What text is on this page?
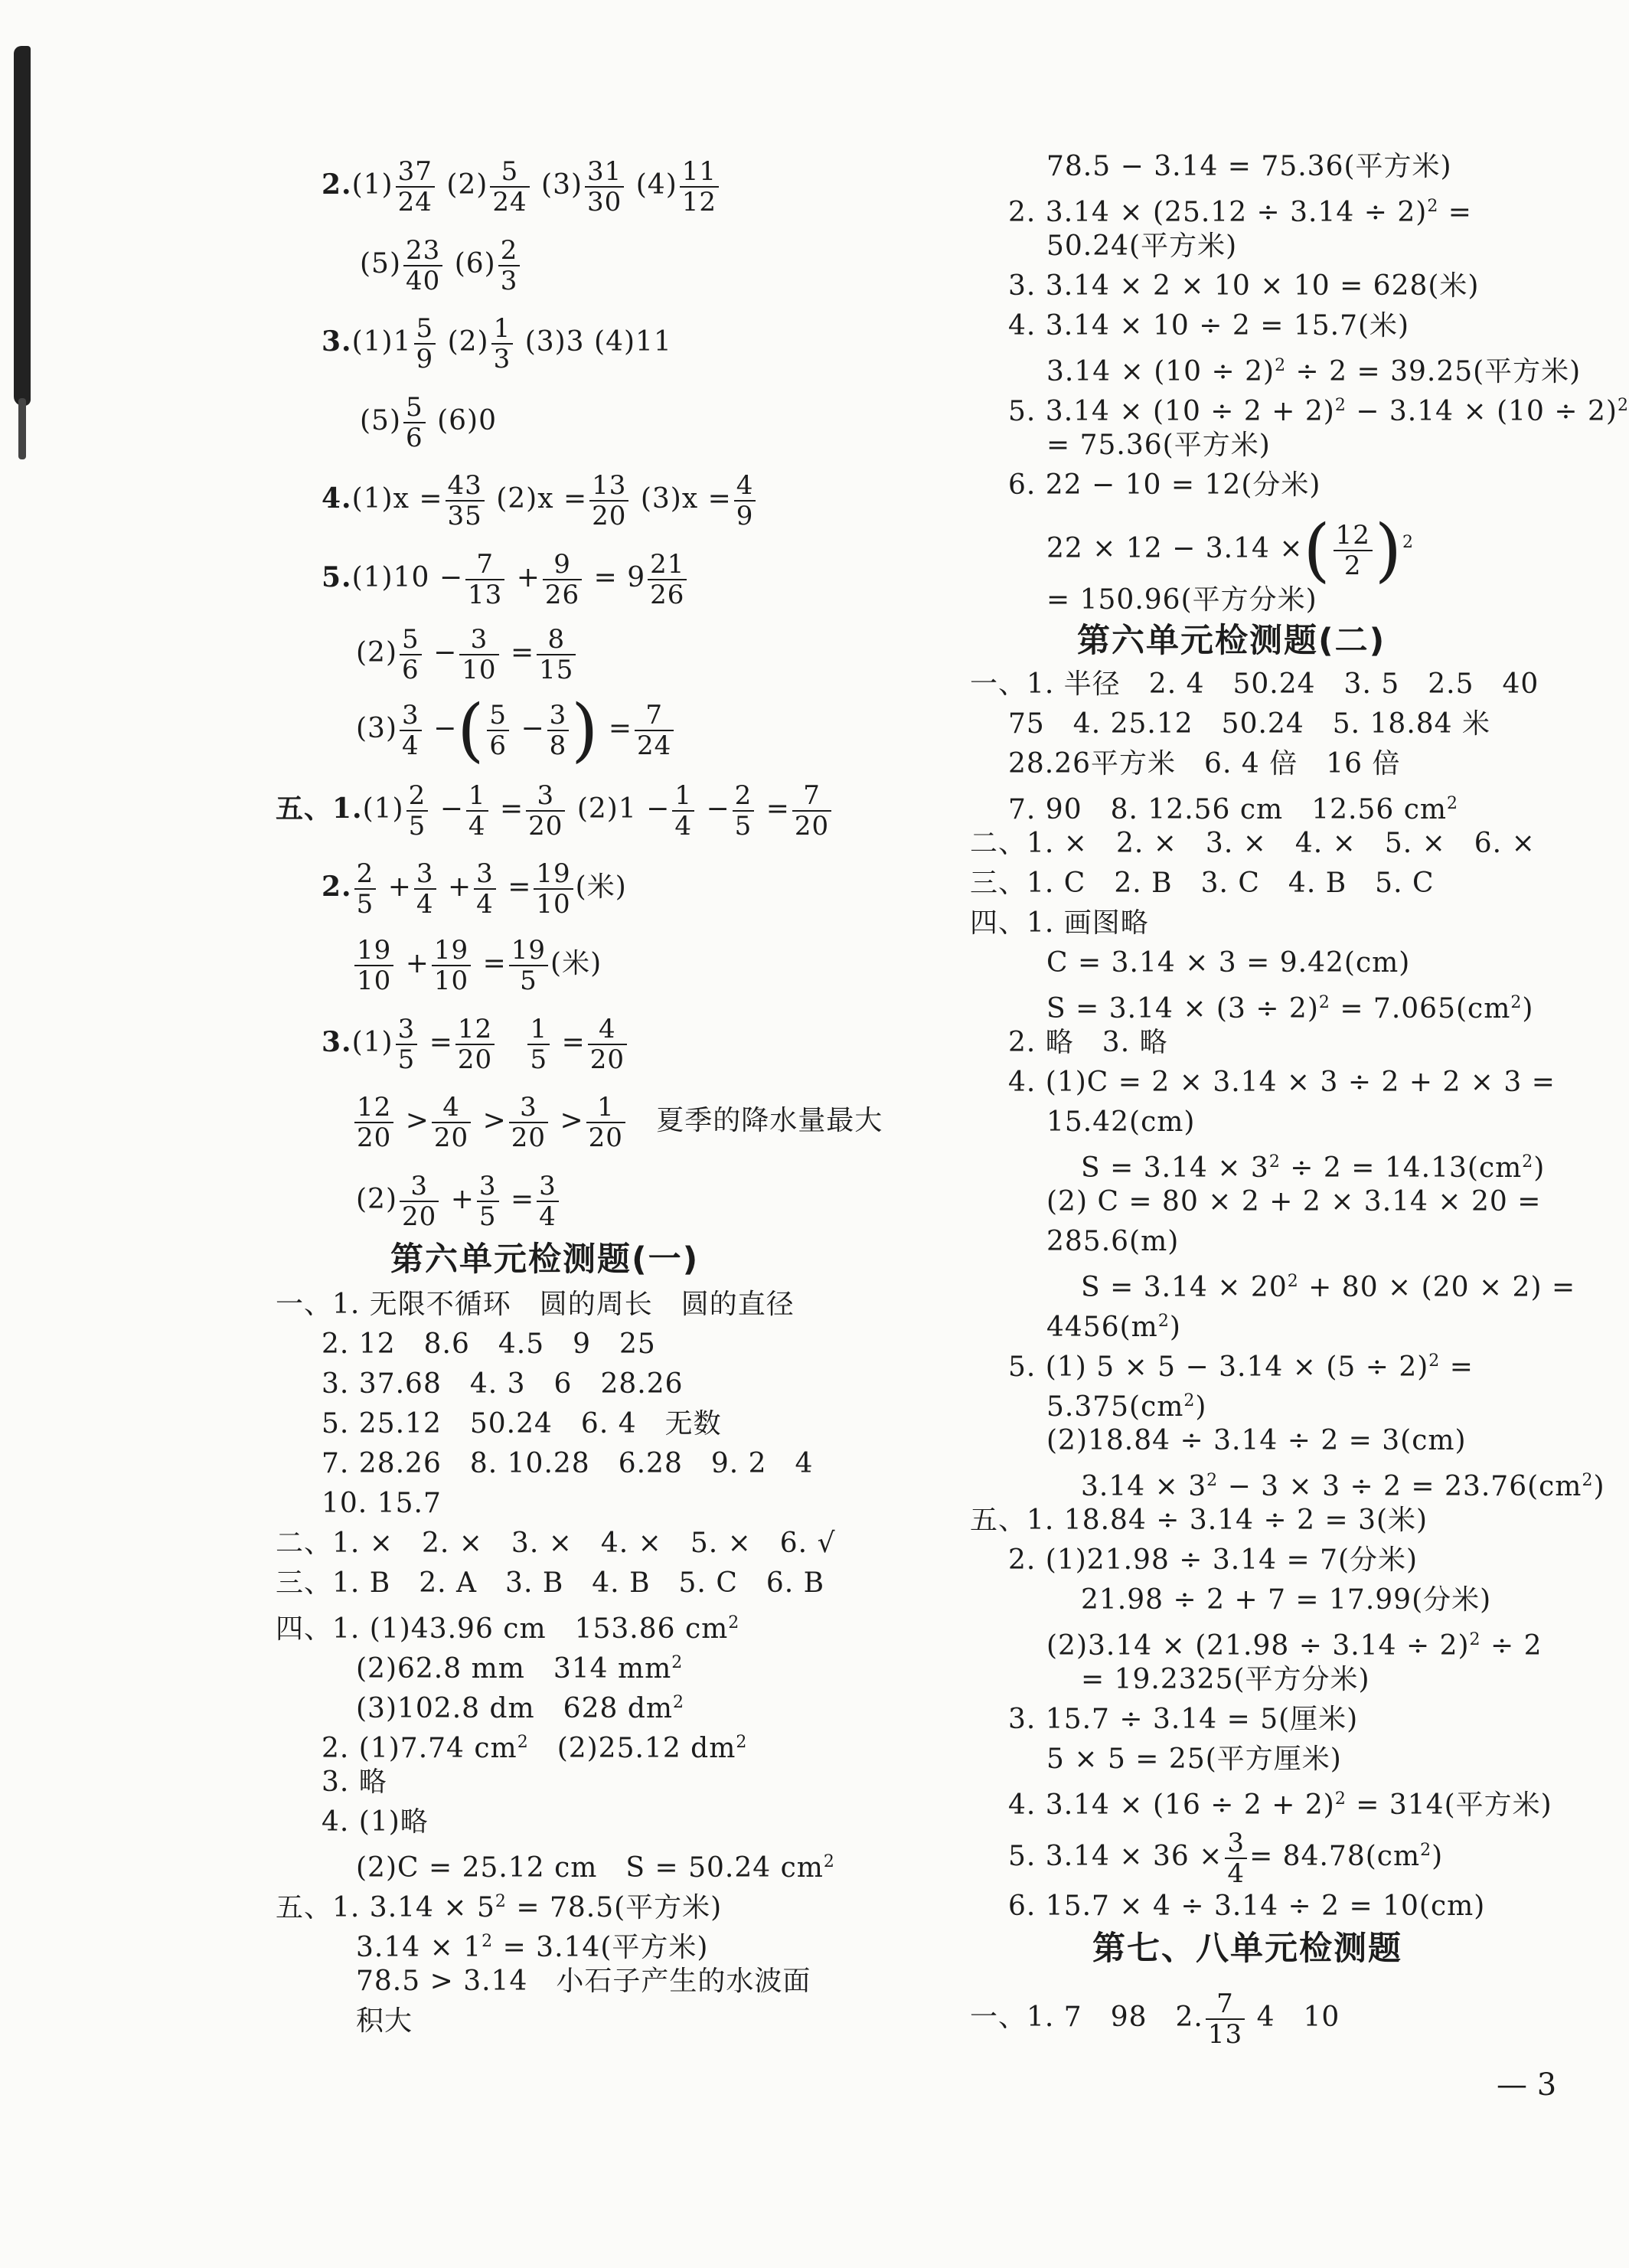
$2.(1) \frac{37}{24} (2) \frac{5}{24} (3) \frac{31}{30} (4) \frac{11}{12}$
$(5) \frac{23}{40} (6) \frac{2}{3}$
$3.(1)1 \frac{5}{9} (2) \frac{1}{3} (3)3$ (4)11
$(5) \frac{5}{6} (6)0$
$4.(1)x = \frac{43}{35} (2)x = \frac{13}{20} (3)x = \frac{4}{9}$
$5.(1)10 - \frac{7}{13} + \frac{9}{26} = 9 \frac{21}{26}$
$(2) \frac{5}{6} - \frac{3}{10} = \frac{8}{15}$
$(3) \frac{3}{4}$ −( $\frac{5}{6} - \frac{3}{8}$ ) = $\frac{7}{24}$
五、$1.(1) \frac{2}{5} - \frac{1}{4} = \frac{3}{20} (2)1 - \frac{1}{4} - \frac{2}{5} = \frac{7}{20}$
2. $\frac{2}{5} + \frac{3}{4} + \frac{3}{4} = \frac{19}{10}$ (米)
$\frac{19}{10} + \frac{19}{10} = \frac{19}{5}$ (米)
$3.(1) \frac{3}{5} = \frac{12}{20}$
$\frac{1}{5} = \frac{4}{20}$
$\frac{12}{20} > \frac{4}{20} > \frac{3}{20} > \frac{1}{20}$ 夏季的降水量最大
$(2) \frac{3}{20} + \frac{3}{5} = \frac{3}{4}$
第六单元检测题(一)
一、1. 无限不循环　圆的周长　圆的直径
2. 12　8.6　4.5　9　25
3. 37.68　4. 3　6　28.26
5. 25.12　50.24　6. 4　无数
7. 28.26　8. 10.28　6.28　9. 2　4
10. 15.7
二、1. ×　2. ×　3. ×　4. ×　5. ×　6. √
三、1. B　2. A　3. B　4. B　5. C　6. B
四、1. (1)43.96 cm　153.86 $cm^2$
(2)62.8 mm　314 $mm^2$
(3)102.8 dm　628 $dm^2$
2. (1)7.74 $cm^2$　(2)25.12 $dm^2$
3. 略
4. (1)略
(2)C = 25.12 cm　S = 50.24 $cm^2$
五、1. $3.14 \times 5^2 = 78.5$(平方米)
$3.14 \times 1^2 = 3.14$(平方米)
78.5 > 3.14　小石子产生的水波面
积大
78.5 − 3.14 = 75.36(平方米)
2. $3.14 \times (25.12 \div 3.14 \div 2)^2$ =
50.24(平方米)
3. 3.14 × 2 × 10 × 10 = 628(米)
4. 3.14 × 10 ÷ 2 = 15.7(米)
$3.14 \times (10 \div 2)^2 \div 2 = 39.25$(平方米)
5. $3.14 \times (10 \div 2 + 2)^2 - 3.14 \times (10 \div 2)^2$
= 75.36(平方米)
6. 22 − 10 = 12(分米)
22 × 12 − 3.14 ×( $\frac{12}{2} )^2$
= 150.96(平方分米)
第六单元检测题(二)
一、1. 半径　2. 4　50.24　3. 5　2.5　40
75　4. 25.12　50.24　5. 18.84 米
28.26平方米　6. 4 倍　16 倍
7. 90　8. 12.56 cm　12.56 $cm^2$
二、1. ×　2. ×　3. ×　4. ×　5. ×　6. ×
三、1. C　2. B　3. C　4. B　5. C
四、1. 画图略
C = 3.14 × 3 = 9.42(cm)
$S = 3.14 \times (3 \div 2)^2 = 7.065(cm^2)$
2. 略　3. 略
4. (1)C = 2 × 3.14 × 3 ÷ 2 + 2 × 3 =
15.42(cm)
$S = 3.14 \times 3^2 \div 2 = 14.13(cm^2)$
(2) C = 80 × 2 + 2 × 3.14 × 20 =
285.6(m)
$S = 3.14 \times 20^2 + 80 \times (20 \times 2)$ =
$4456(m^2)$
5. (1) $5 \times 5 - 3.14 \times (5 \div 2)^2$ =
$5.375(cm^2)$
(2)18.84 ÷ 3.14 ÷ 2 = 3(cm)
$3.14 \times 3^2 - 3 \times 3 \div 2 = 23.76(cm^2)$
五、1. 18.84 ÷ 3.14 ÷ 2 = 3(米)
2. (1)21.98 ÷ 3.14 = 7(分米)
21.98 ÷ 2 + 7 = 17.99(分米)
$(2)3.14 \times (21.98 \div 3.14 \div 2)^2 \div 2$
= 19.2325(平方分米)
3. 15.7 ÷ 3.14 = 5(厘米)
5 × 5 = 25(平方厘米)
4. $3.14 \times (16 \div 2 + 2)^2 = 314$(平方米)
5. $3.14 \times 36 \times \frac{3}{4} = 84.78(cm^2)$
6. 15.7 × 4 ÷ 3.14 ÷ 2 = 10(cm)
第七、八单元检测题
一、1. 7　98　2. $\frac{7}{13} 4$　10
— 3
